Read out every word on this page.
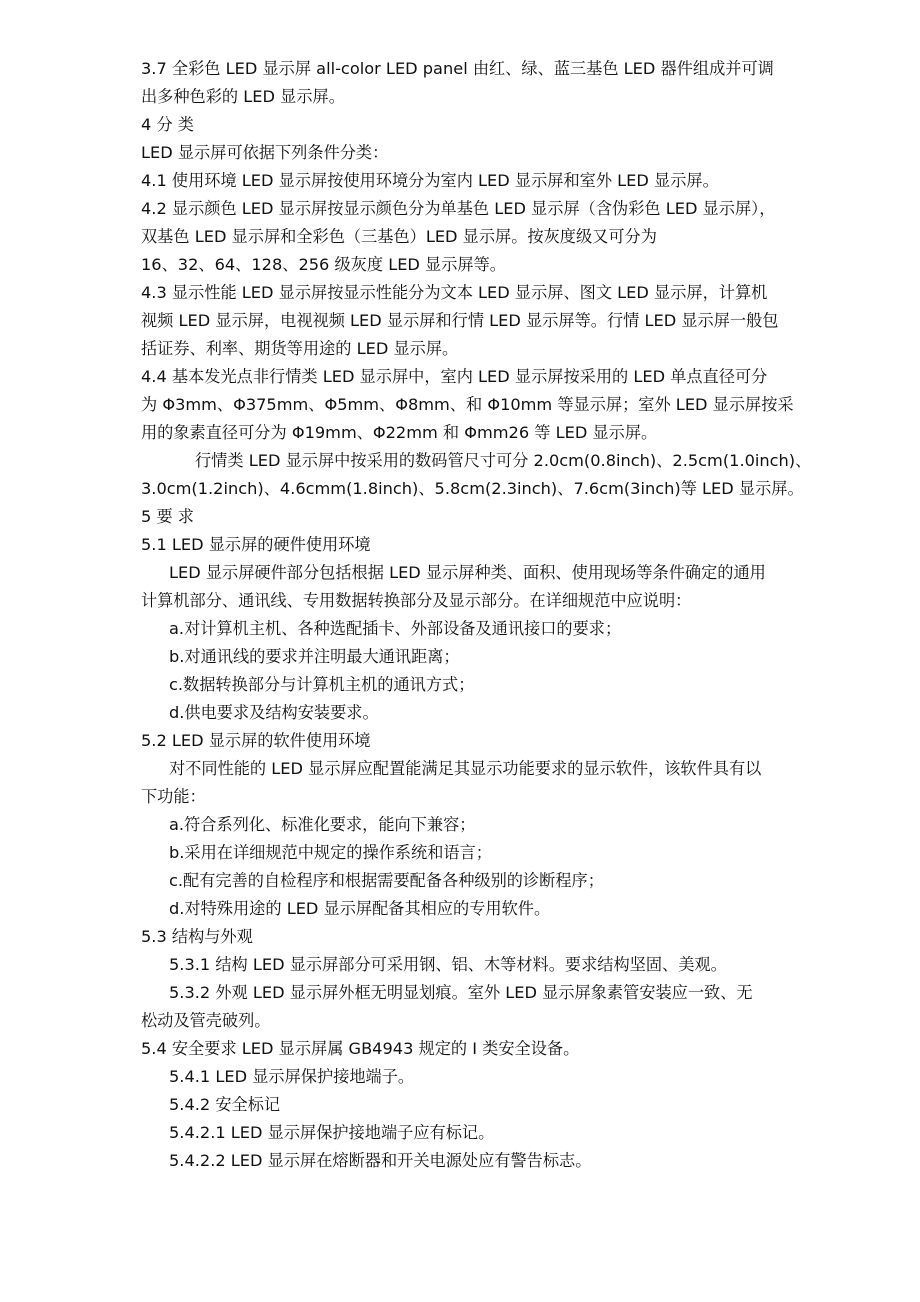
3.7 全彩色 LED 显示屏 all-color LED panel 由红、绿、蓝三基色 LED 器件组成并可调
出多种色彩的 LED 显示屏。
4 分 类
LED 显示屏可依据下列条件分类：
4.1 使用环境 LED 显示屏按使用环境分为室内 LED 显示屏和室外 LED 显示屏。
4.2 显示颜色 LED 显示屏按显示颜色分为单基色 LED 显示屏（含伪彩色 LED 显示屏），
双基色 LED 显示屏和全彩色（三基色）LED 显示屏。按灰度级又可分为
16、32、64、128、256 级灰度 LED 显示屏等。
4.3 显示性能 LED 显示屏按显示性能分为文本 LED 显示屏、图文 LED 显示屏，计算机
视频 LED 显示屏，电视视频 LED 显示屏和行情 LED 显示屏等。行情 LED 显示屏一般包
括证券、利率、期货等用途的 LED 显示屏。
4.4 基本发光点非行情类 LED 显示屏中，室内 LED 显示屏按采用的 LED 单点直径可分
为 Φ3mm、Φ375mm、Φ5mm、Φ8mm、和 Φ10mm 等显示屏；室外 LED 显示屏按采
用的象素直径可分为 Φ19mm、Φ22mm 和 Φmm26 等 LED 显示屏。
行情类 LED 显示屏中按采用的数码管尺寸可分 2.0cm(0.8inch)、2.5cm(1.0inch)、
3.0cm(1.2inch)、4.6cmm(1.8inch)、5.8cm(2.3inch)、7.6cm(3inch)等 LED 显示屏。
5 要 求
5.1 LED 显示屏的硬件使用环境
LED 显示屏硬件部分包括根据 LED 显示屏种类、面积、使用现场等条件确定的通用
计算机部分、通讯线、专用数据转换部分及显示部分。在详细规范中应说明：
a.对计算机主机、各种选配插卡、外部设备及通讯接口的要求；
b.对通讯线的要求并注明最大通讯距离；
c.数据转换部分与计算机主机的通讯方式；
d.供电要求及结构安装要求。
5.2 LED 显示屏的软件使用环境
对不同性能的 LED 显示屏应配置能满足其显示功能要求的显示软件，该软件具有以
下功能：
a.符合系列化、标准化要求，能向下兼容；
b.采用在详细规范中规定的操作系统和语言；
c.配有完善的自检程序和根据需要配备各种级别的诊断程序；
d.对特殊用途的 LED 显示屏配备其相应的专用软件。
5.3 结构与外观
5.3.1 结构 LED 显示屏部分可采用钢、铝、木等材料。要求结构坚固、美观。
5.3.2 外观 LED 显示屏外框无明显划痕。室外 LED 显示屏象素管安装应一致、无
松动及管壳破列。
5.4 安全要求 LED 显示屏属 GB4943 规定的 I 类安全设备。
5.4.1 LED 显示屏保护接地端子。
5.4.2 安全标记
5.4.2.1 LED 显示屏保护接地端子应有标记。
5.4.2.2 LED 显示屏在熔断器和开关电源处应有警告标志。
